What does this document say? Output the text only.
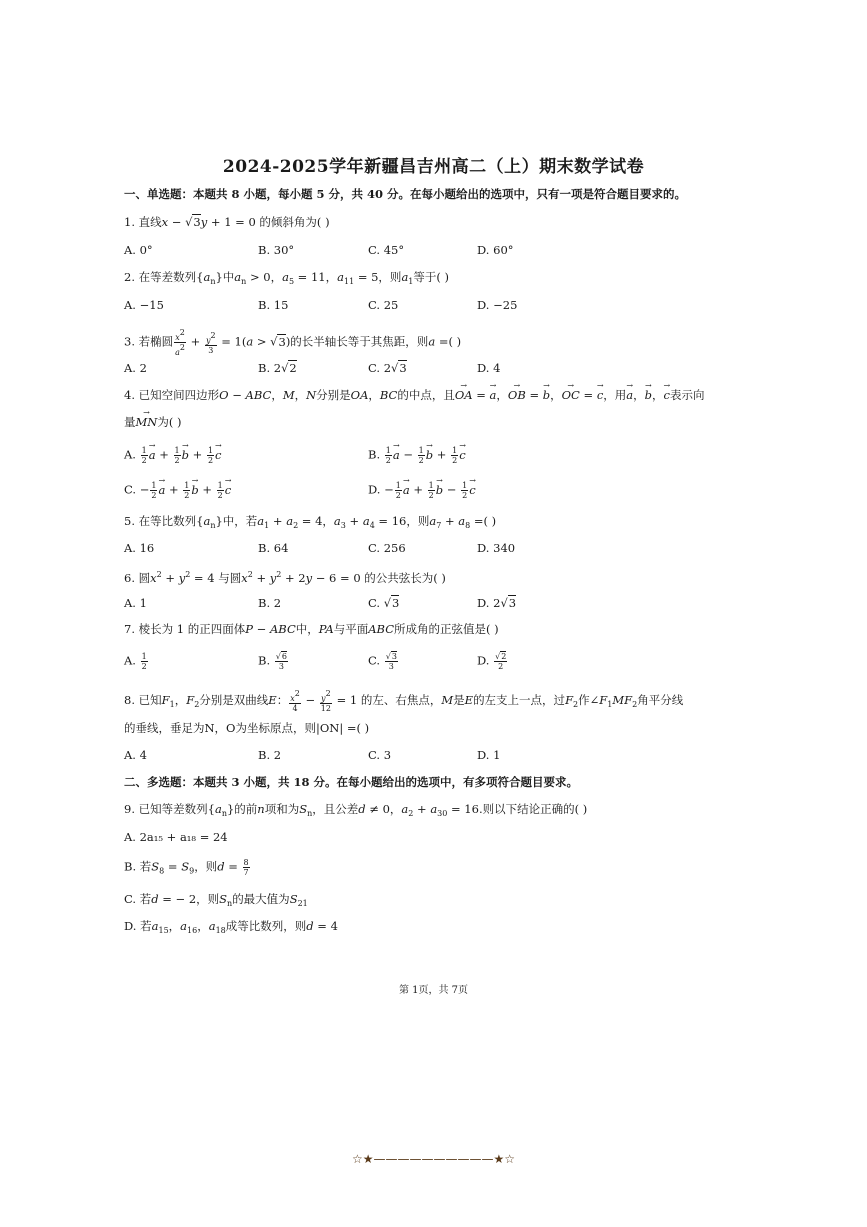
2024-2025学年新疆昌吉州高二（上）期末数学试卷
一、单选题：本题共 8 小题，每小题 5 分，共 40 分。在每小题给出的选项中，只有一项是符合题目要求的。
1. 直线x − √3y + 1 = 0 的倾斜角为( )
A. 0°	B. 30°	C. 45°	D. 60°
2. 在等差数列$\{a_n\}$中$a_n > 0$，$a_5 = 11$，$a_{11} = 5$，则$a_1$等于( )
A. −15	B. 15	C. 25	D. −25
3. 若椭圆 $\frac{x^2}{a^2} + \frac{y^2}{3} = 1(a > √3)$的长半轴长等于其焦距，则a =( )
A. 2	B. 2√2	C. 2√3	D. 4
4. 已知空间四边形O − ABC，M，N分别是OA，BC的中点，且→ OA = → a，→ OB = → b，→ OC = → c，用→ a，→ b，→ c表示向
量→ MN为( )
A. $\frac{1}{2}$
→ $a + \frac{1}{2}$
→ $b + \frac{1}{2}$
→ c	B. $\frac{1}{2}$
→ $a - \frac{1}{2}$
→ $b + \frac{1}{2}$
→ c
C. − $\frac{1}{2}$
→ $a + \frac{1}{2}$
→ $b + \frac{1}{2}$
→ c	D. − $\frac{1}{2}$
→ $a + \frac{1}{2}$
→ $b - \frac{1}{2}$
→ c
5. 在等比数列$\{a_n\}$中，若$a_1 + a_2 = 4$，$a_3 + a_4 = 16$，则$a_7 + a_8$ =( )
A. 16	B. 64	C. 256	D. 340
6. 圆$x^2 + y^2 = 4$ 与圆$x^2 + y^2 + 2y - 6 = 0$ 的公共弦长为( )
A. 1	B. 2	C. √3	D. 2√3
7. 棱长为 1 的正四面体P − ABC中，PA与平面ABC所成角的正弦值是( )
A. $\frac{1}{2}$	B. $\frac{√6}{3}$	C. $\frac{√3}{3}$	D. $\frac{√2}{2}$
8. 已知$F_1$，$F_2$分别是双曲线E： $\frac{x^2}{4} - \frac{y^2}{12} = 1$ 的左、右焦点，M是E的左支上一点，过$F_2$作$\angle F_1MF_2$角平分线
的垂线，垂足为N，O为坐标原点，则|ON| =( )
A. 4	B. 2	C. 3	D. 1
二、多选题：本题共 3 小题，共 18 分。在每小题给出的选项中，有多项符合题目要求。
9. 已知等差数列$\{a_n\}$的前n项和为$S_n$，且公差d ≠ 0，$a_2 + a_{30} = 16$.则以下结论正确的( )
A. 2a₁₅ + a₁₈ = 24
B. 若$S_8 = S_9$，则$d = \frac{8}{7}$
C. 若d = − 2，则$S_n$的最大值为$S_{21}$
D. 若$a_{15}$，$a_{16}$，$a_{18}$成等比数列，则d = 4
第 1页，共 7页
☆★——————————★☆
